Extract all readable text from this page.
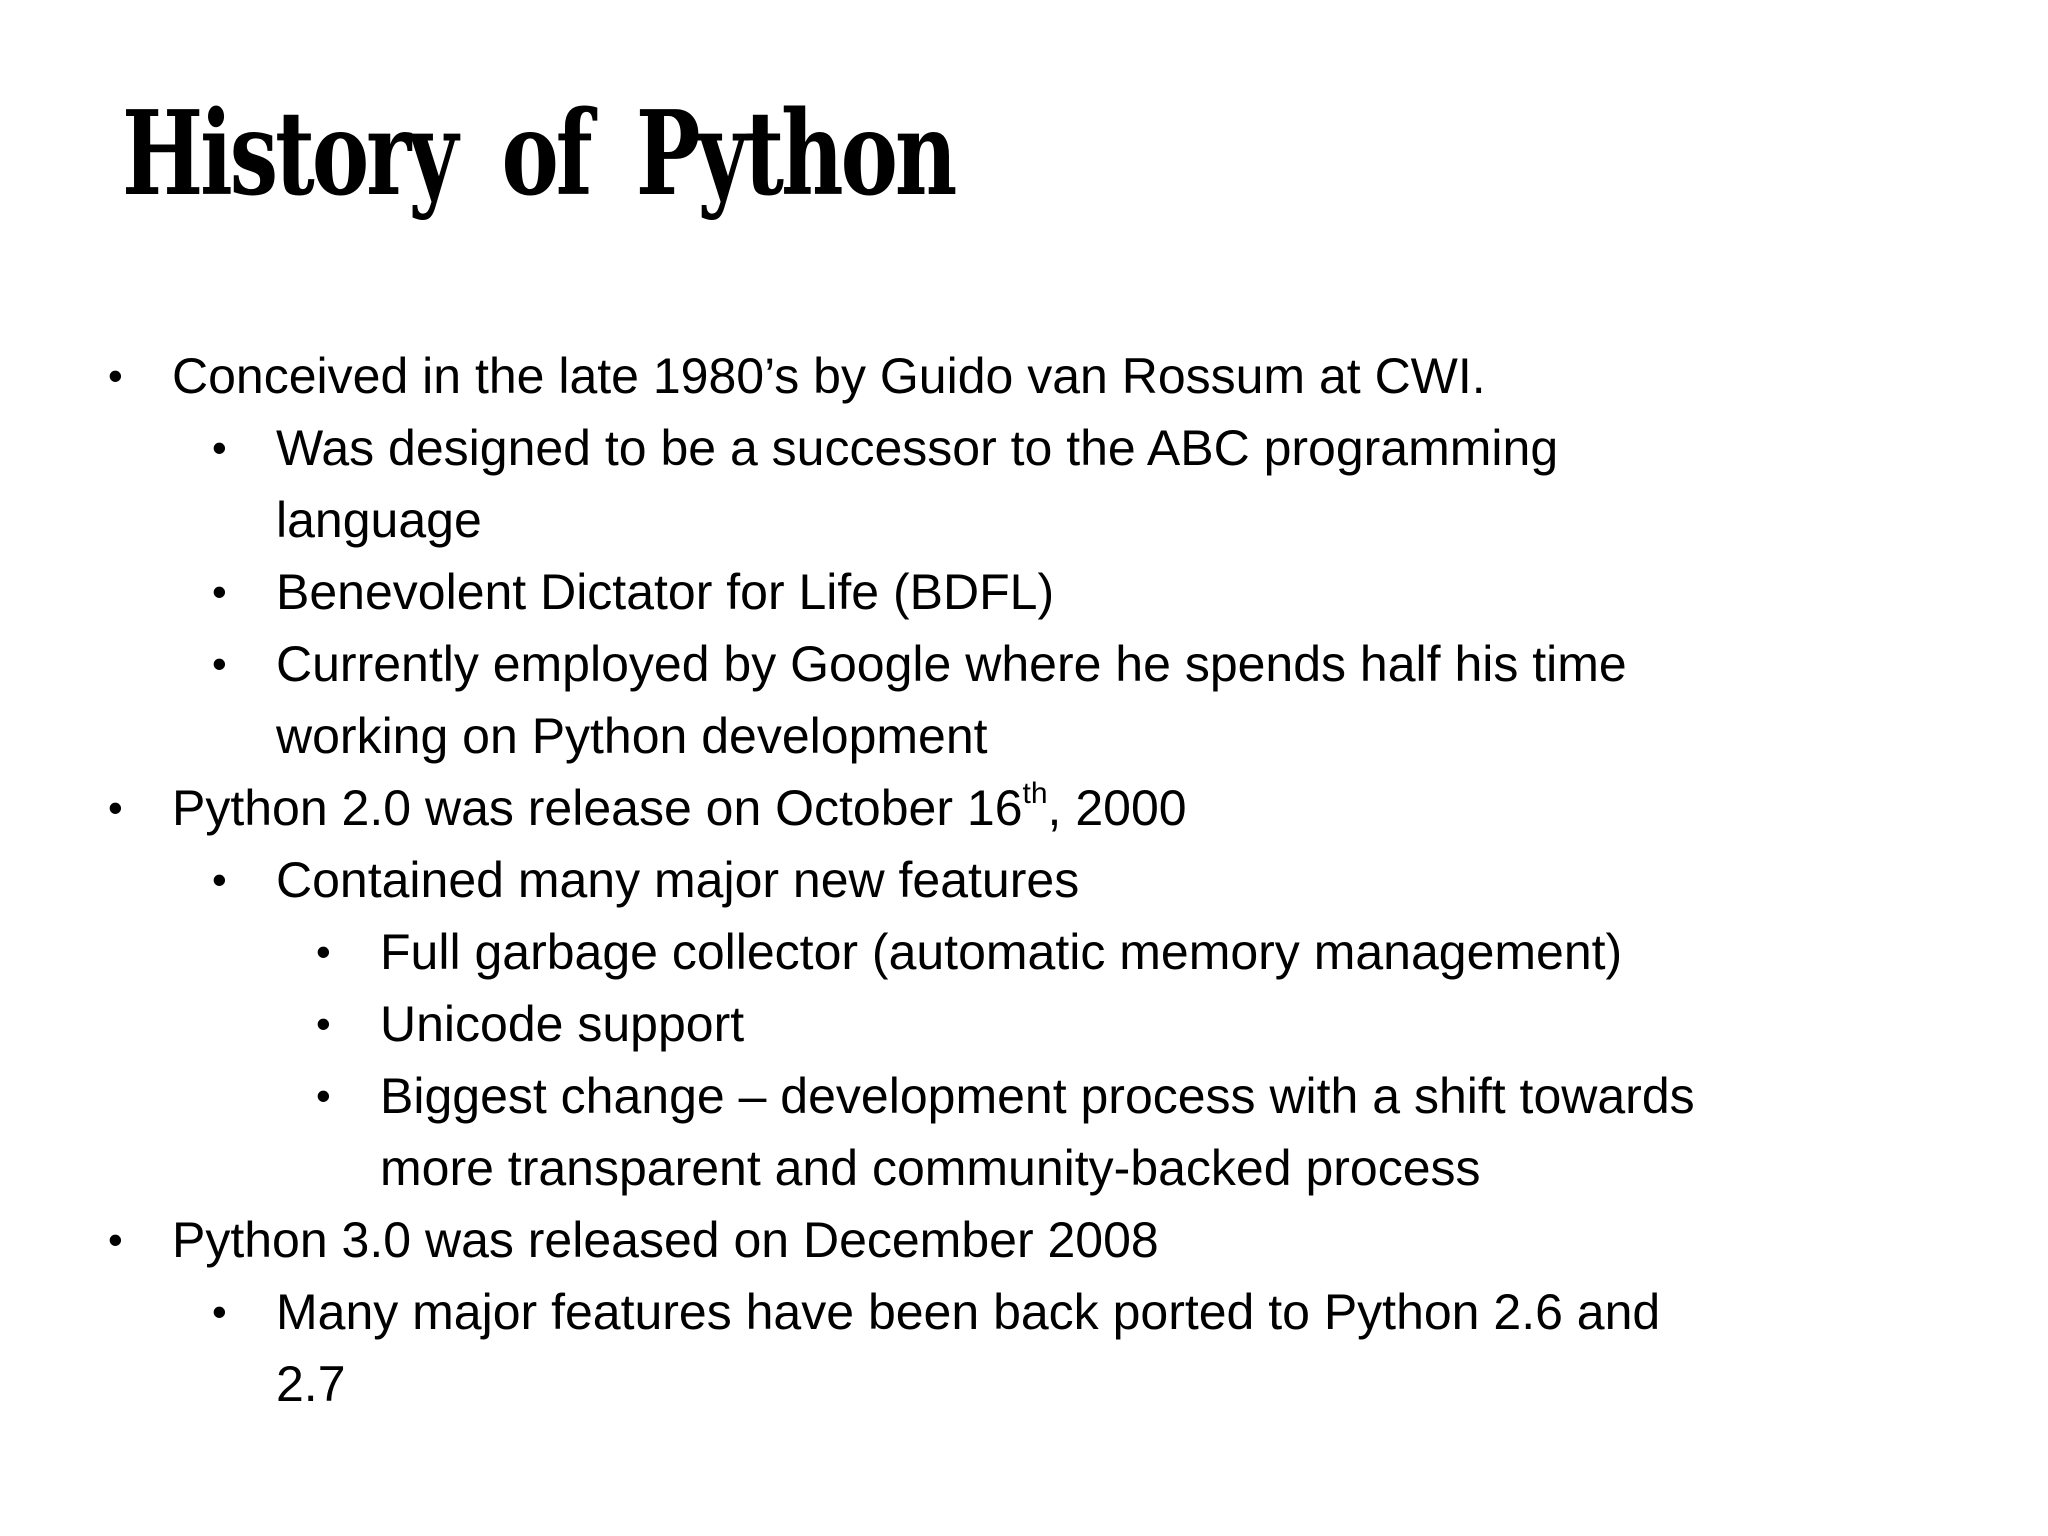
History of Python
• Conceived in the late 1980’s by Guido van Rossum at CWI.
• Was designed to be a successor to the ABC programming
language
• Benevolent Dictator for Life (BDFL)
• Currently employed by Google where he spends half his time
working on Python development
• Python 2.0 was release on October 16th, 2000
• Contained many major new features
• Full garbage collector (automatic memory management)
• Unicode support
• Biggest change – development process with a shift towards
more transparent and community-backed process
• Python 3.0 was released on December 2008
• Many major features have been back ported to Python 2.6 and
2.7
